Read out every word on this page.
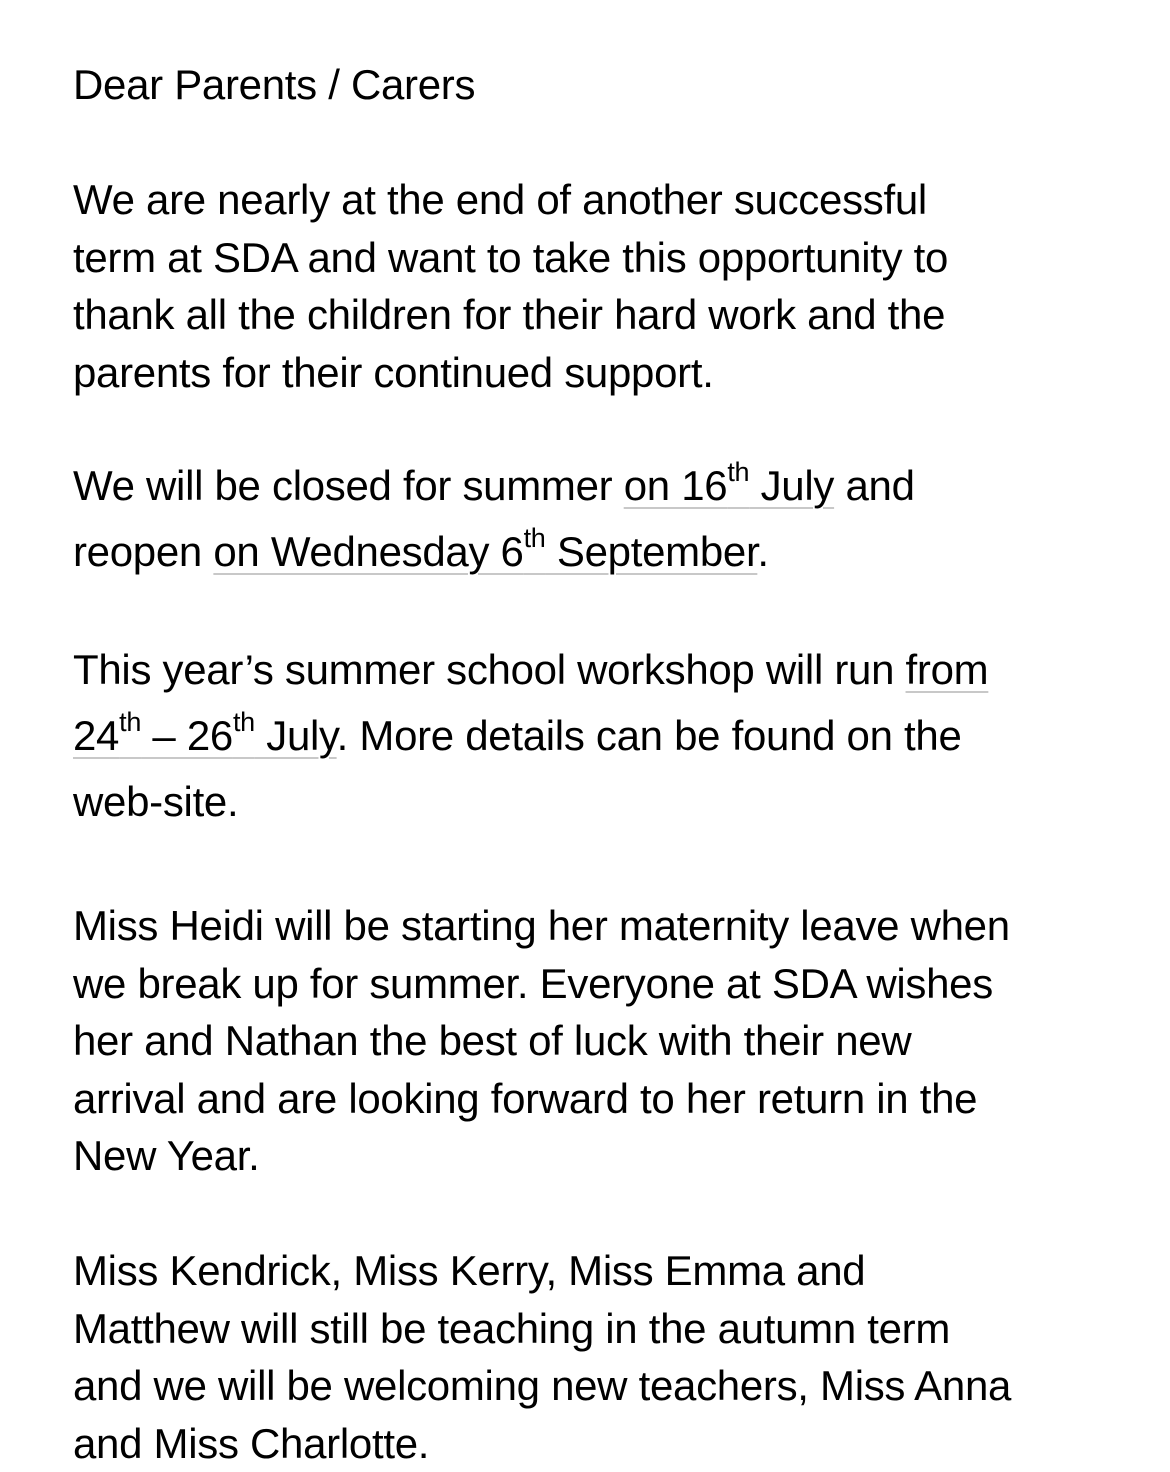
Dear Parents / Carers

We are nearly at the end of another successful
term at SDA and want to take this opportunity to
thank all the children for their hard work and the
parents for their continued support.

We will be closed for summer on 16th July and
reopen on Wednesday 6th September.

This year’s summer school workshop will run from
24th – 26th July. More details can be found on the
web-site.

Miss Heidi will be starting her maternity leave when
we break up for summer. Everyone at SDA wishes
her and Nathan the best of luck with their new
arrival and are looking forward to her return in the
New Year.

Miss Kendrick, Miss Kerry, Miss Emma and
Matthew will still be teaching in the autumn term
and we will be welcoming new teachers, Miss Anna
and Miss Charlotte.
